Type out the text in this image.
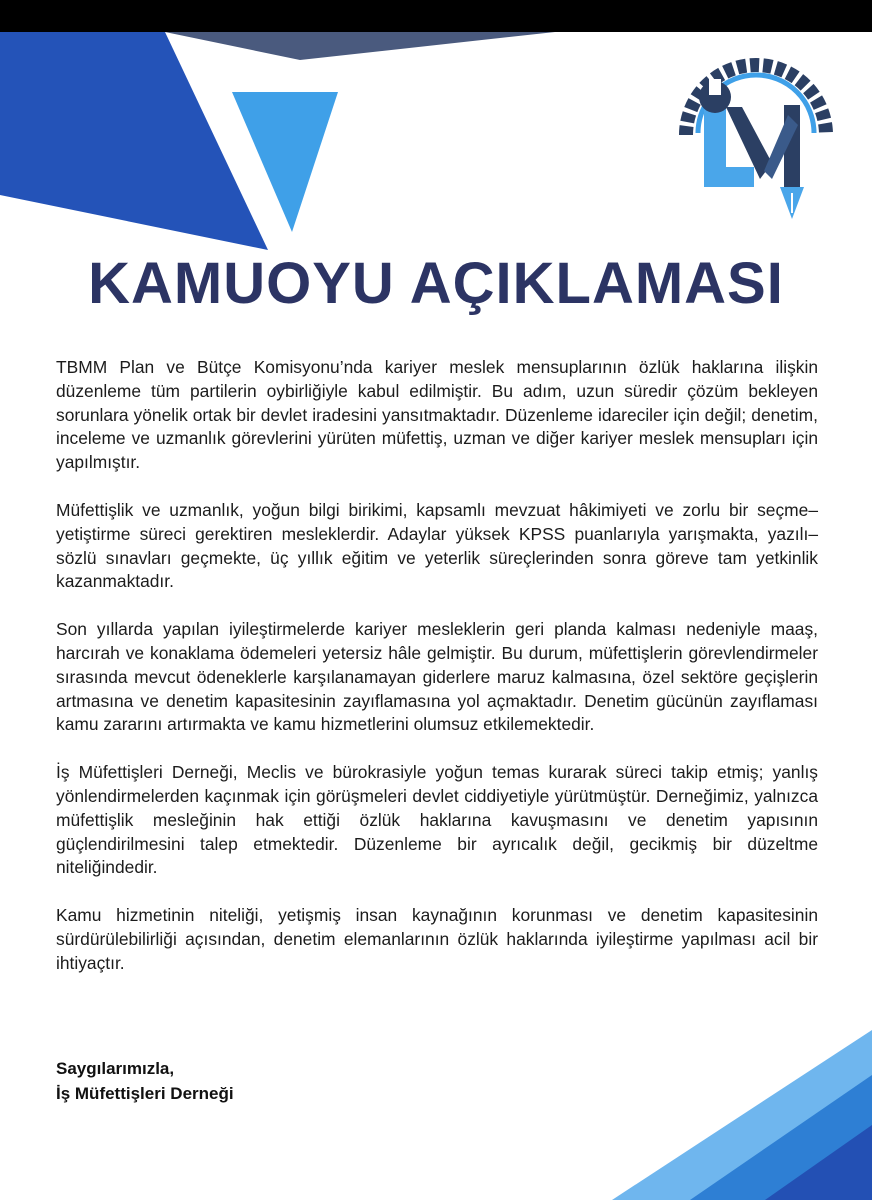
KAMUOYU AÇIKLAMASI

TBMM Plan ve Bütçe Komisyonu’nda kariyer meslek mensuplarının özlük haklarına ilişkin düzenleme tüm partilerin oybirliğiyle kabul edilmiştir. Bu adım, uzun süredir çözüm bekleyen sorunlara yönelik ortak bir devlet iradesini yansıtmaktadır. Düzenleme idareciler için değil; denetim, inceleme ve uzmanlık görevlerini yürüten müfettiş, uzman ve diğer kariyer meslek mensupları için yapılmıştır.

Müfettişlik ve uzmanlık, yoğun bilgi birikimi, kapsamlı mevzuat hâkimiyeti ve zorlu bir seçme–yetiştirme süreci gerektiren mesleklerdir. Adaylar yüksek KPSS puanlarıyla yarışmakta, yazılı–sözlü sınavları geçmekte, üç yıllık eğitim ve yeterlik süreçlerinden sonra göreve tam yetkinlik kazanmaktadır.

Son yıllarda yapılan iyileştirmelerde kariyer mesleklerin geri planda kalması nedeniyle maaş, harcırah ve konaklama ödemeleri yetersiz hâle gelmiştir. Bu durum, müfettişlerin görevlendirmeler sırasında mevcut ödeneklerle karşılanamayan giderlere maruz kalmasına, özel sektöre geçişlerin artmasına ve denetim kapasitesinin zayıflamasına yol açmaktadır. Denetim gücünün zayıflaması kamu zararını artırmakta ve kamu hizmetlerini olumsuz etkilemektedir.

İş Müfettişleri Derneği, Meclis ve bürokrasiyle yoğun temas kurarak süreci takip etmiş; yanlış yönlendirmelerden kaçınmak için görüşmeleri devlet ciddiyetiyle yürütmüştür. Derneğimiz, yalnızca müfettişlik mesleğinin hak ettiği özlük haklarına kavuşmasını ve denetim yapısının güçlendirilmesini talep etmektedir. Düzenleme bir ayrıcalık değil, gecikmiş bir düzeltme niteliğindedir.

Kamu hizmetinin niteliği, yetişmiş insan kaynağının korunması ve denetim kapasitesinin sürdürülebilirliği açısından, denetim elemanlarının özlük haklarında iyileştirme yapılması acil bir ihtiyaçtır.

Saygılarımızla,
İş Müfettişleri Derneği
